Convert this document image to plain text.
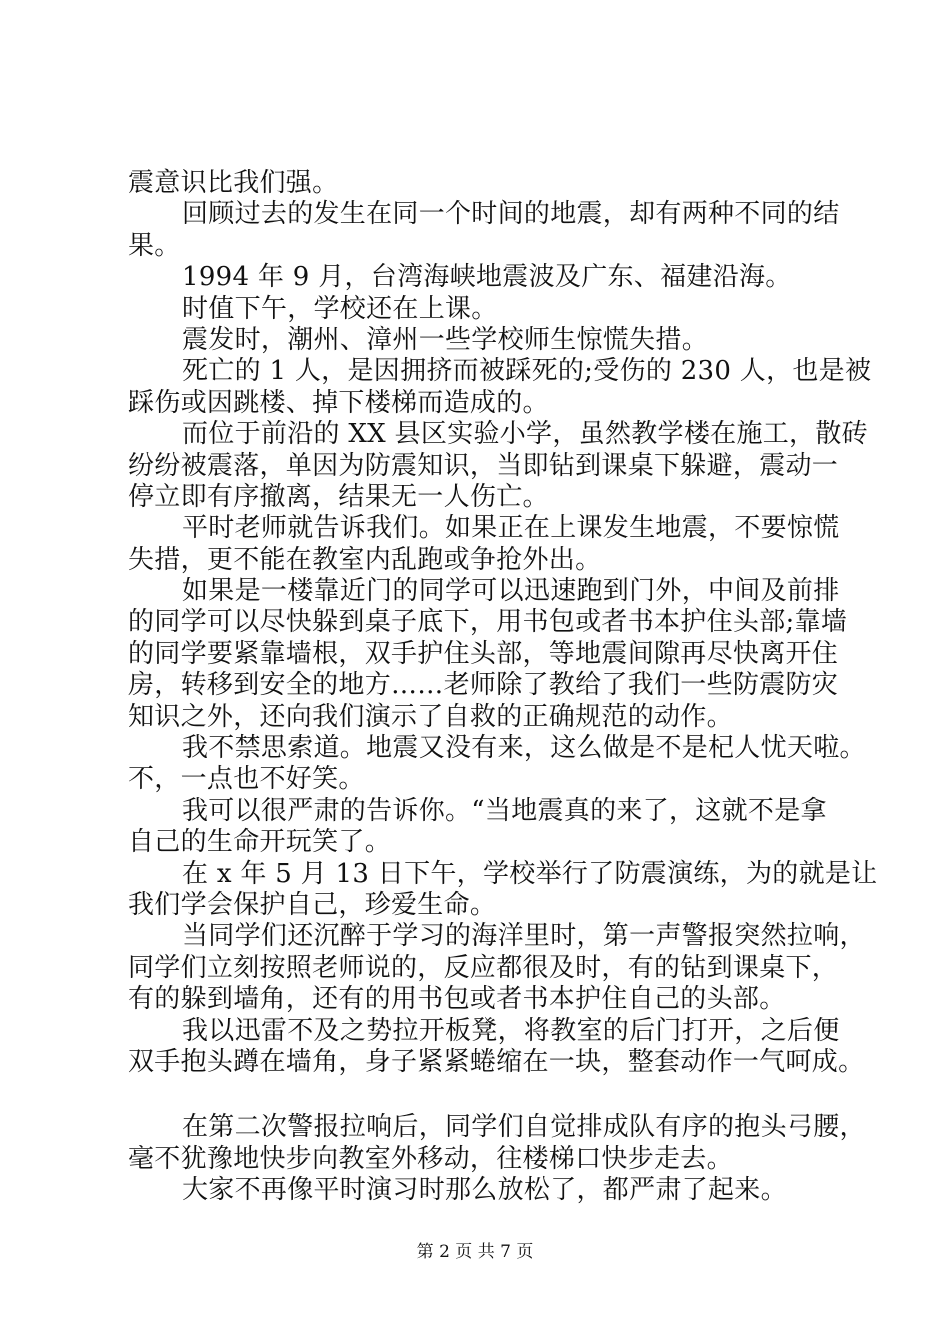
震意识比我们强。
回顾过去的发生在同一个时间的地震，却有两种不同的结
果。
1994 年 9 月，台湾海峡地震波及广东、福建沿海。
时值下午，学校还在上课。
震发时，潮州、漳州一些学校师生惊慌失措。
死亡的 1 人，是因拥挤而被踩死的;受伤的 230 人，也是被
踩伤或因跳楼、掉下楼梯而造成的。
而位于前沿的 XX 县区实验小学，虽然教学楼在施工，散砖
纷纷被震落，单因为防震知识，当即钻到课桌下躲避，震动一
停立即有序撤离，结果无一人伤亡。
平时老师就告诉我们。如果正在上课发生地震，不要惊慌
失措，更不能在教室内乱跑或争抢外出。
如果是一楼靠近门的同学可以迅速跑到门外，中间及前排
的同学可以尽快躲到桌子底下，用书包或者书本护住头部;靠墙
的同学要紧靠墙根，双手护住头部，等地震间隙再尽快离开住
房，转移到安全的地方……老师除了教给了我们一些防震防灾
知识之外，还向我们演示了自救的正确规范的动作。
我不禁思索道。地震又没有来，这么做是不是杞人忧天啦。
不，一点也不好笑。
我可以很严肃的告诉你。“当地震真的来了，这就不是拿
自己的生命开玩笑了。
在 x 年 5 月 13 日下午，学校举行了防震演练，为的就是让
我们学会保护自己，珍爱生命。
当同学们还沉醉于学习的海洋里时，第一声警报突然拉响，
同学们立刻按照老师说的，反应都很及时，有的钻到课桌下，
有的躲到墙角，还有的用书包或者书本护住自己的头部。
我以迅雷不及之势拉开板凳，将教室的后门打开，之后便
双手抱头蹲在墙角，身子紧紧蜷缩在一块，整套动作一气呵成。
在第二次警报拉响后，同学们自觉排成队有序的抱头弓腰，
毫不犹豫地快步向教室外移动，往楼梯口快步走去。
大家不再像平时演习时那么放松了，都严肃了起来。
第 2 页 共 7 页
